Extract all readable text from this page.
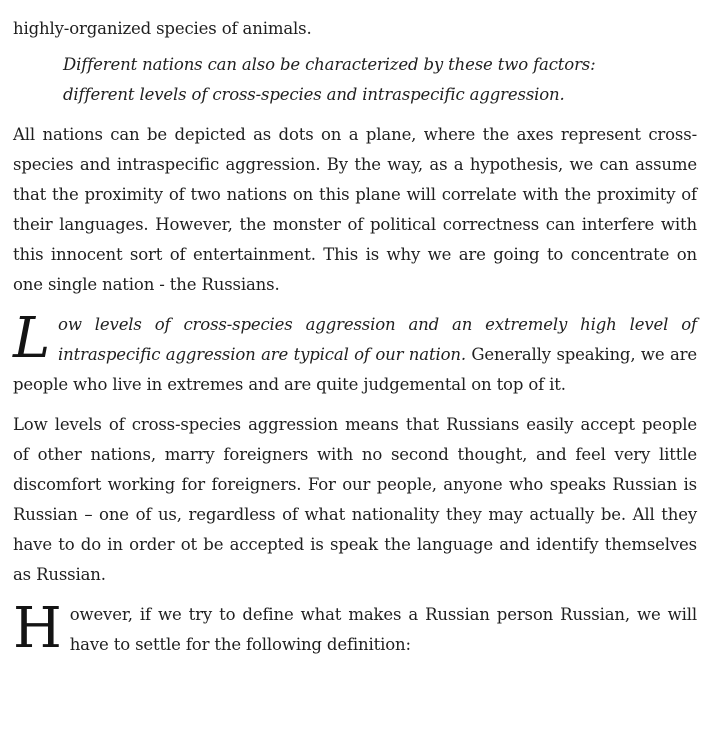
highly-organized species of animals.

Different nations can also be characterized by these two factors: different levels of cross-species and intraspecific aggression.

All nations can be depicted as dots on a plane, where the axes represent cross-species and intraspecific aggression. By the way, as a hypothesis, we can assume that the proximity of two nations on this plane will correlate with the proximity of their languages. However, the monster of political correctness can interfere with this innocent sort of entertainment. This is why we are going to concentrate on one single nation - the Russians.

Low levels of cross-species aggression and an extremely high level of intraspecific aggression are typical of our nation. Generally speaking, we are people who live in extremes and are quite judgemental on top of it.

Low levels of cross-species aggression means that Russians easily accept people of other nations, marry foreigners with no second thought, and feel very little discomfort working for foreigners. For our people, anyone who speaks Russian is Russian – one of us, regardless of what nationality they may actually be. All they have to do in order ot be accepted is speak the language and identify themselves as Russian.

However, if we try to define what makes a Russian person Russian, we will have to settle for the following definition:
